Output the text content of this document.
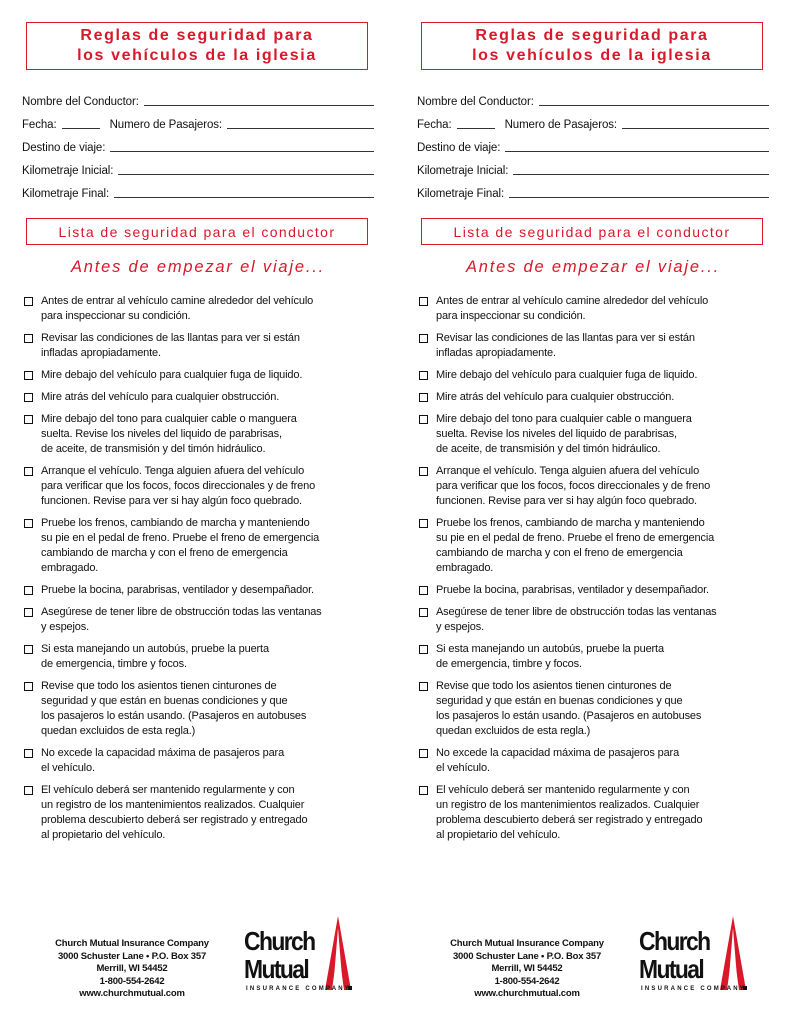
Reglas de seguridad para
los vehículos de la iglesia
Nombre del Conductor:
Fecha:	Numero de Pasajeros:
Destino de viaje:
Kilometraje Inicial:
Kilometraje Final:
Lista de seguridad para el conductor
Antes de empezar el viaje...
Antes de entrar al vehículo camine alrededor del vehículo
para inspeccionar su condición.
Revisar las condiciones de las llantas para ver si están
infladas apropiadamente.
Mire debajo del vehículo para cualquier fuga de liquido.
Mire atrás del vehículo para cualquier obstrucción.
Mire debajo del tono para cualquier cable o manguera
suelta. Revise los niveles del liquido de parabrisas,
de aceite, de transmisión y del timón hidráulico.
Arranque el vehículo. Tenga alguien afuera del vehículo
para verificar que los focos, focos direccionales y de freno
funcionen. Revise para ver si hay algún foco quebrado.
Pruebe los frenos, cambiando de marcha y manteniendo
su pie en el pedal de freno. Pruebe el freno de emergencia
cambiando de marcha y con el freno de emergencia
embragado.
Pruebe la bocina, parabrisas, ventilador y desempañador.
Asegúrese de tener libre de obstrucción todas las ventanas
y espejos.
Si esta manejando un autobús, pruebe la puerta
de emergencia, timbre y focos.
Revise que todo los asientos tienen cinturones de
seguridad y que están en buenas condiciones y que
los pasajeros lo están usando. (Pasajeros en autobuses
quedan excluidos de esta regla.)
No excede la capacidad máxima de pasajeros para
el vehículo.
El vehículo deberá ser mantenido regularmente y con
un registro de los mantenimientos realizados. Cualquier
problema descubierto deberá ser registrado y entregado
al propietario del vehículo.
Church Mutual Insurance Company
3000 Schuster Lane • P.O. Box 357
Merrill, WI 54452
1-800-554-2642
www.churchmutual.com
Church
Mutual
INSURANCE COMPANY
Reglas de seguridad para
los vehículos de la iglesia
Nombre del Conductor:
Fecha:	Numero de Pasajeros:
Destino de viaje:
Kilometraje Inicial:
Kilometraje Final:
Lista de seguridad para el conductor
Antes de empezar el viaje...
Antes de entrar al vehículo camine alrededor del vehículo
para inspeccionar su condición.
Revisar las condiciones de las llantas para ver si están
infladas apropiadamente.
Mire debajo del vehículo para cualquier fuga de liquido.
Mire atrás del vehículo para cualquier obstrucción.
Mire debajo del tono para cualquier cable o manguera
suelta. Revise los niveles del liquido de parabrisas,
de aceite, de transmisión y del timón hidráulico.
Arranque el vehículo. Tenga alguien afuera del vehículo
para verificar que los focos, focos direccionales y de freno
funcionen. Revise para ver si hay algún foco quebrado.
Pruebe los frenos, cambiando de marcha y manteniendo
su pie en el pedal de freno. Pruebe el freno de emergencia
cambiando de marcha y con el freno de emergencia
embragado.
Pruebe la bocina, parabrisas, ventilador y desempañador.
Asegúrese de tener libre de obstrucción todas las ventanas
y espejos.
Si esta manejando un autobús, pruebe la puerta
de emergencia, timbre y focos.
Revise que todo los asientos tienen cinturones de
seguridad y que están en buenas condiciones y que
los pasajeros lo están usando. (Pasajeros en autobuses
quedan excluidos de esta regla.)
No excede la capacidad máxima de pasajeros para
el vehículo.
El vehículo deberá ser mantenido regularmente y con
un registro de los mantenimientos realizados. Cualquier
problema descubierto deberá ser registrado y entregado
al propietario del vehículo.
Church Mutual Insurance Company
3000 Schuster Lane • P.O. Box 357
Merrill, WI 54452
1-800-554-2642
www.churchmutual.com
Church
Mutual
INSURANCE COMPANY
